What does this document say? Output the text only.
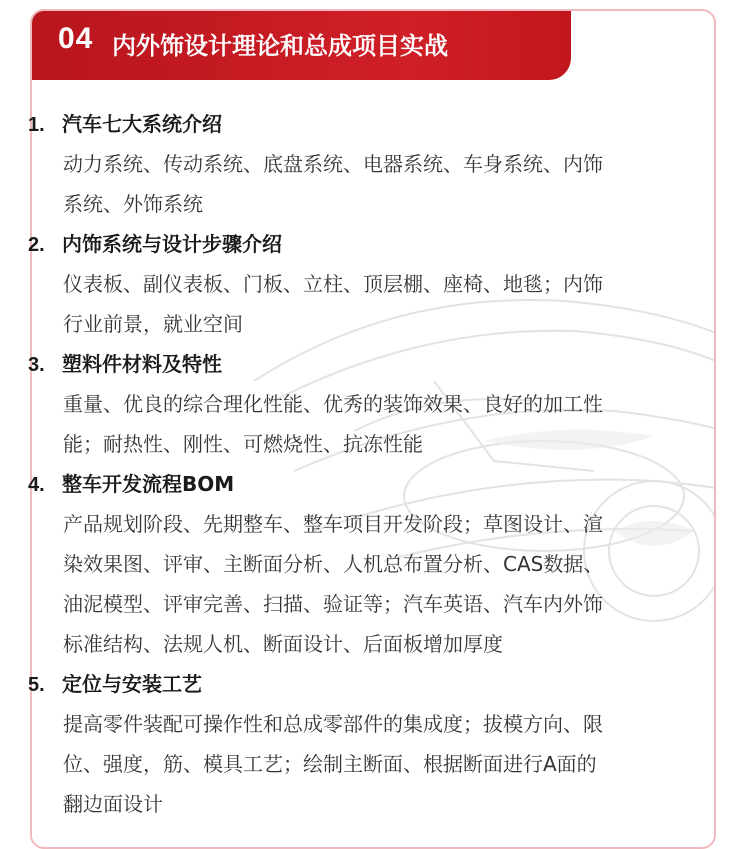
04 内外饰设计理论和总成项目实战
1. 汽车七大系统介绍
动力系统、传动系统、底盘系统、电器系统、车身系统、内饰
系统、外饰系统
2. 内饰系统与设计步骤介绍
仪表板、副仪表板、门板、立柱、顶层棚、座椅、地毯；内饰
行业前景，就业空间
3. 塑料件材料及特性
重量、优良的综合理化性能、优秀的装饰效果、良好的加工性
能；耐热性、刚性、可燃烧性、抗冻性能
4. 整车开发流程BOM
产品规划阶段、先期整车、整车项目开发阶段；草图设计、渲
染效果图、评审、主断面分析、人机总布置分析、CAS数据、
油泥模型、评审完善、扫描、验证等；汽车英语、汽车内外饰
标准结构、法规人机、断面设计、后面板增加厚度
5. 定位与安装工艺
提高零件装配可操作性和总成零部件的集成度；拔模方向、限
位、强度，筋、模具工艺；绘制主断面、根据断面进行A面的
翻边面设计
